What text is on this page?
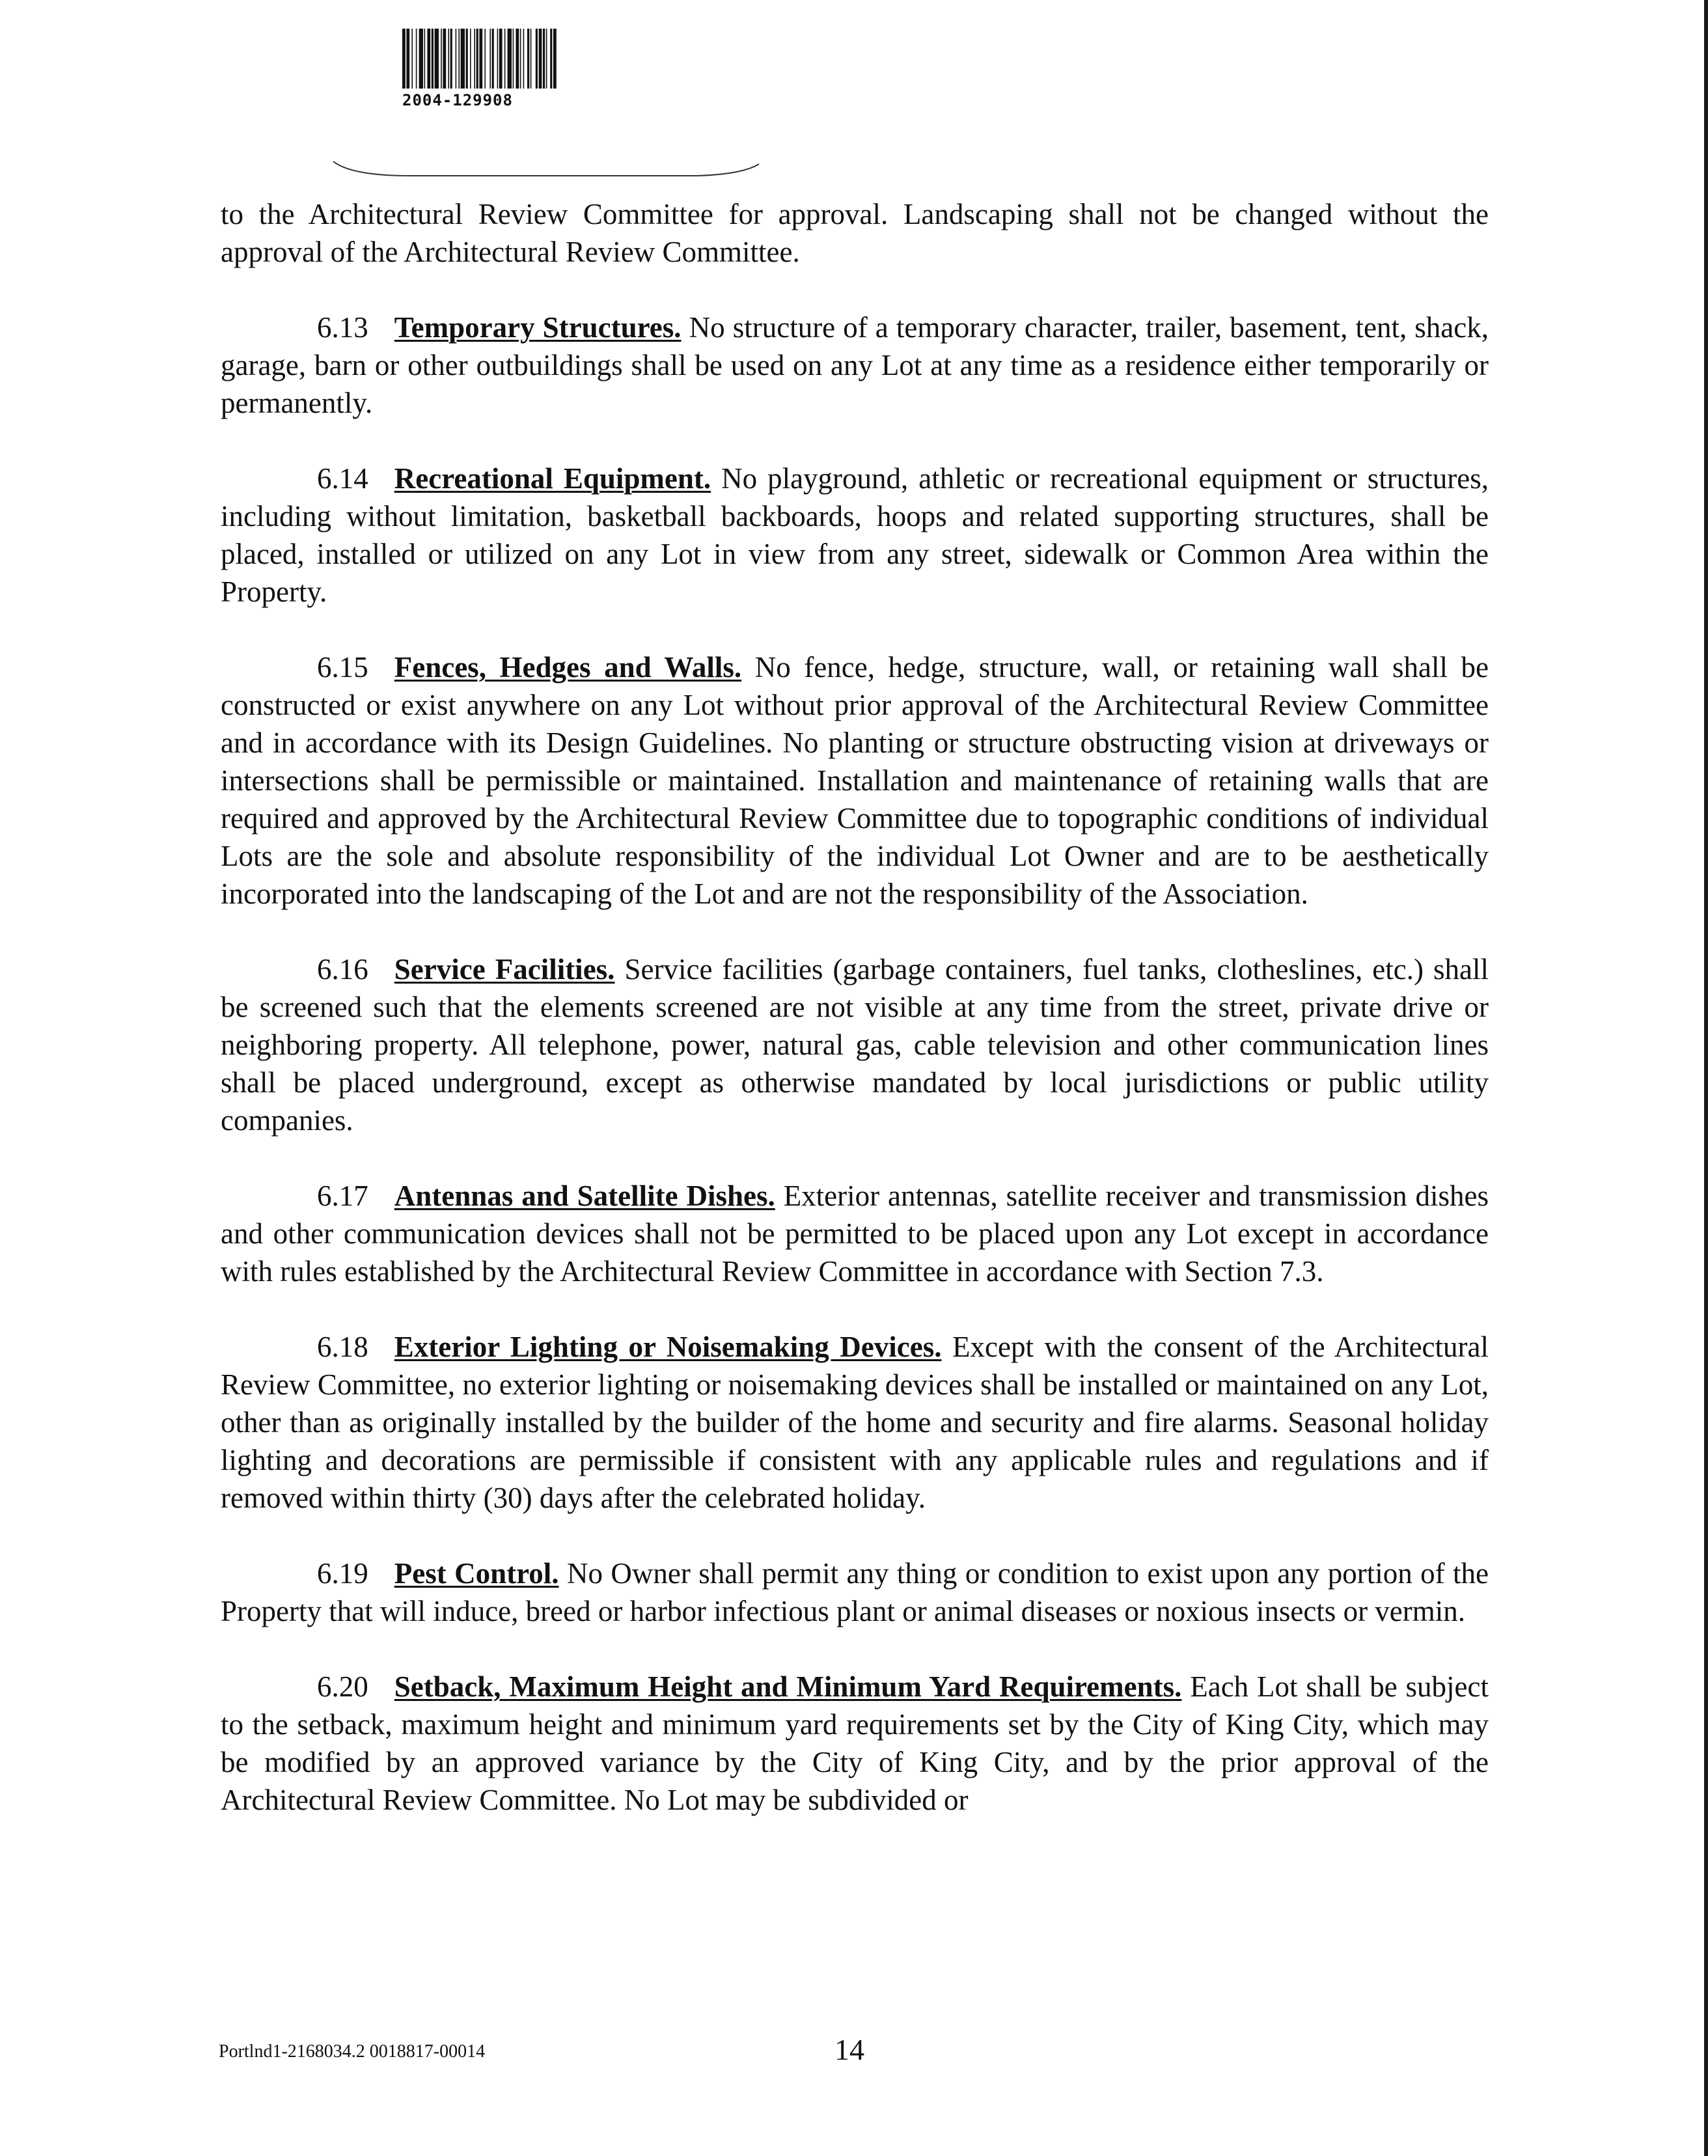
2004-129908

to the Architectural Review Committee for approval. Landscaping shall not be changed without the approval of the Architectural Review Committee.

6.13 Temporary Structures. No structure of a temporary character, trailer, basement, tent, shack, garage, barn or other outbuildings shall be used on any Lot at any time as a residence either temporarily or permanently.

6.14 Recreational Equipment. No playground, athletic or recreational equipment or structures, including without limitation, basketball backboards, hoops and related supporting structures, shall be placed, installed or utilized on any Lot in view from any street, sidewalk or Common Area within the Property.

6.15 Fences, Hedges and Walls. No fence, hedge, structure, wall, or retaining wall shall be constructed or exist anywhere on any Lot without prior approval of the Architectural Review Committee and in accordance with its Design Guidelines. No planting or structure obstructing vision at driveways or intersections shall be permissible or maintained. Installation and maintenance of retaining walls that are required and approved by the Architectural Review Committee due to topographic conditions of individual Lots are the sole and absolute responsibility of the individual Lot Owner and are to be aesthetically incorporated into the landscaping of the Lot and are not the responsibility of the Association.

6.16 Service Facilities. Service facilities (garbage containers, fuel tanks, clotheslines, etc.) shall be screened such that the elements screened are not visible at any time from the street, private drive or neighboring property. All telephone, power, natural gas, cable television and other communication lines shall be placed underground, except as otherwise mandated by local jurisdictions or public utility companies.

6.17 Antennas and Satellite Dishes. Exterior antennas, satellite receiver and transmission dishes and other communication devices shall not be permitted to be placed upon any Lot except in accordance with rules established by the Architectural Review Committee in accordance with Section 7.3.

6.18 Exterior Lighting or Noisemaking Devices. Except with the consent of the Architectural Review Committee, no exterior lighting or noisemaking devices shall be installed or maintained on any Lot, other than as originally installed by the builder of the home and security and fire alarms. Seasonal holiday lighting and decorations are permissible if consistent with any applicable rules and regulations and if removed within thirty (30) days after the celebrated holiday.

6.19 Pest Control. No Owner shall permit any thing or condition to exist upon any portion of the Property that will induce, breed or harbor infectious plant or animal diseases or noxious insects or vermin.

6.20 Setback, Maximum Height and Minimum Yard Requirements. Each Lot shall be subject to the setback, maximum height and minimum yard requirements set by the City of King City, which may be modified by an approved variance by the City of King City, and by the prior approval of the Architectural Review Committee. No Lot may be subdivided or

Portlnd1-2168034.2 0018817-00014	14
